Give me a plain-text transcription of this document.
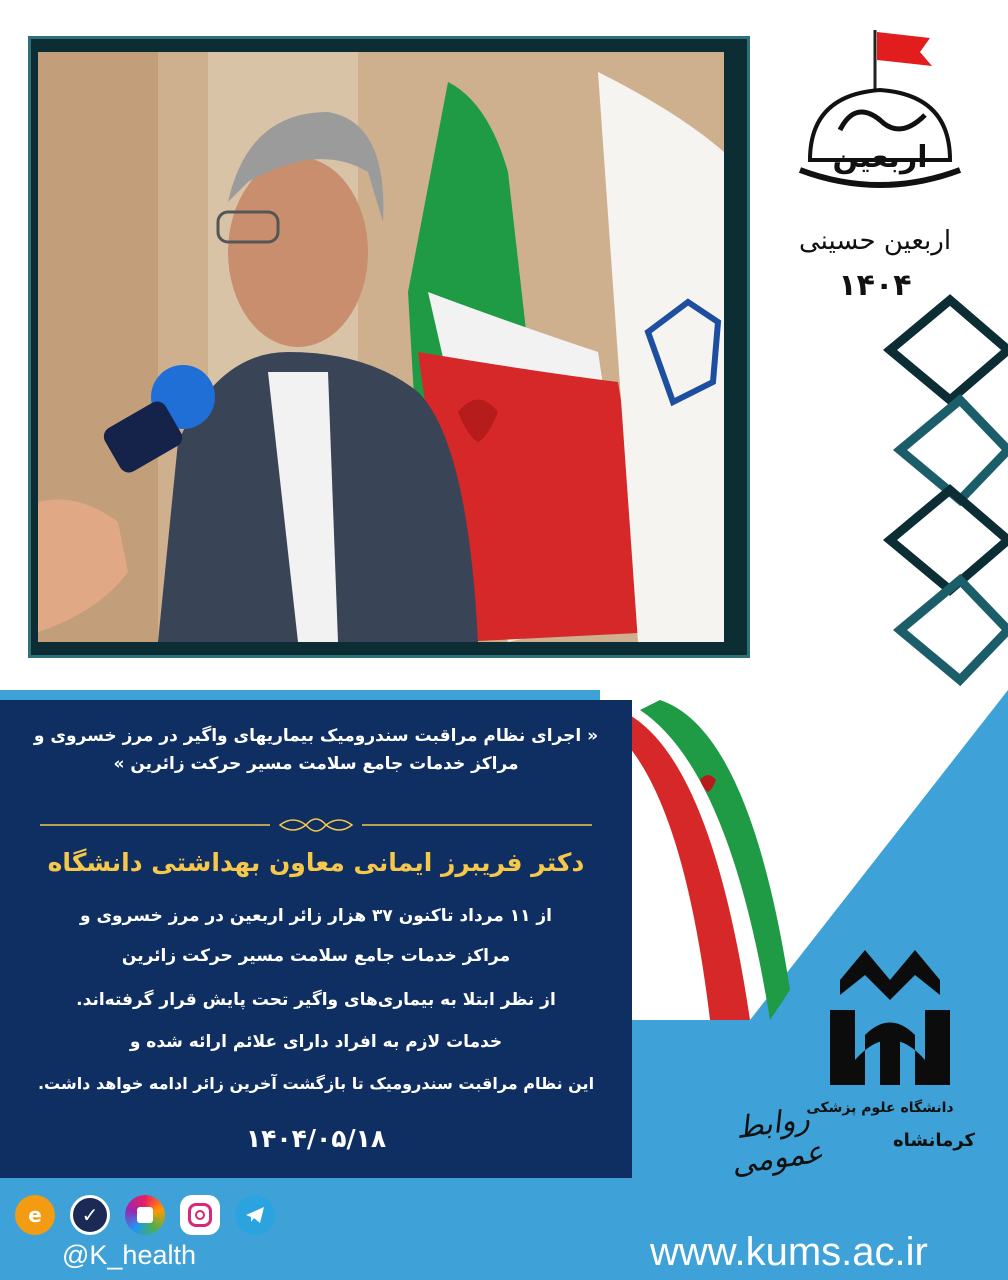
اربعین
اربعین حسینی
۱۴۰۴
« اجرای نظام مراقبت سندرومیک بیماریهای واگیر در مرز خسروی و
مراکز خدمات جامع سلامت مسیر حرکت زائرین »
دکتر فریبرز ایمانی معاون بهداشتی دانشگاه
از ۱۱ مرداد تاکنون ۳۷ هزار زائر اربعین در مرز خسروی و
مراکز خدمات جامع سلامت مسیر حرکت زائرین
از نظر ابتلا به بیماری‌های واگیر تحت پایش قرار گرفته‌اند.
خدمات لازم به افراد دارای علائم ارائه شده و
این نظام مراقبت سندرومیک تا بازگشت آخرین زائر ادامه خواهد داشت.
۱۴۰۴/۰۵/۱۸
دانشگاه علوم پزشکی
کرمانشاه
روابط عمومی
e	✓
@K_health	www.kums.ac.ir
